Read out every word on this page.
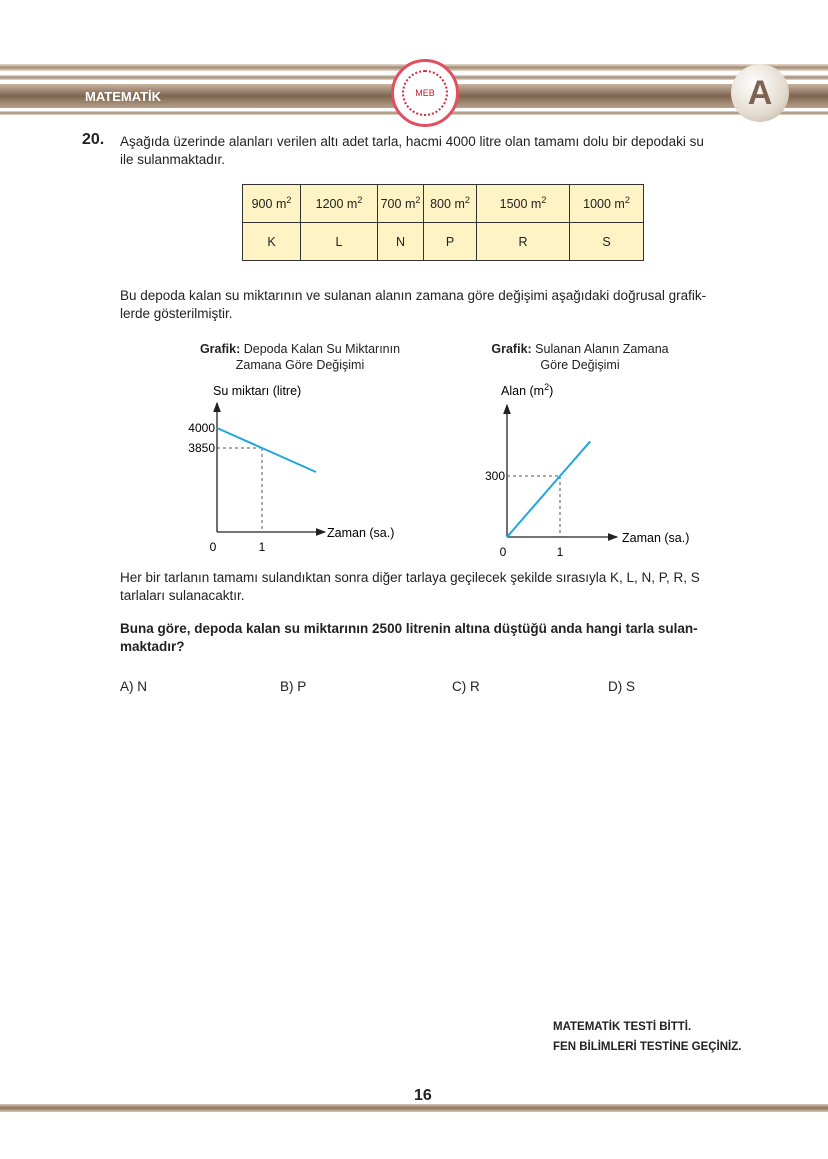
MATEMATİK	MEB	A
20. Aşağıda üzerinde alanları verilen altı adet tarla, hacmi 4000 litre olan tamamı dolu bir depodaki su
ile sulanmaktadır.
900 $m^2$	1200 $m^2$	700 $m^2$	800 $m^2$	1500 $m^2$	1000 $m^2$
K	L	N	P	R	S
Bu depoda kalan su miktarının ve sulanan alanın zamana göre değişimi aşağıdaki doğrusal grafik-
lerde gösterilmiştir.
Grafik: Depoda Kalan Su Miktarının
Zamana Göre Değişimi
Grafik: Sulanan Alanın Zamana
Göre Değişimi
Su miktarı (litre)
Zaman (sa.)
0	1
4000
3850
Alan $(m^2)$
Zaman (sa.)
0	1
300
Her bir tarlanın tamamı sulandıktan sonra diğer tarlaya geçilecek şekilde sırasıyla K, L, N, P, R, S
tarlaları sulanacaktır.
Buna göre, depoda kalan su miktarının 2500 litrenin altına düştüğü anda hangi tarla sulan-
maktadır?
A) N	B) P	C) R	D) S
MATEMATİK TESTİ BİTTİ.
FEN BİLİMLERİ TESTİNE GEÇİNİZ.
16
